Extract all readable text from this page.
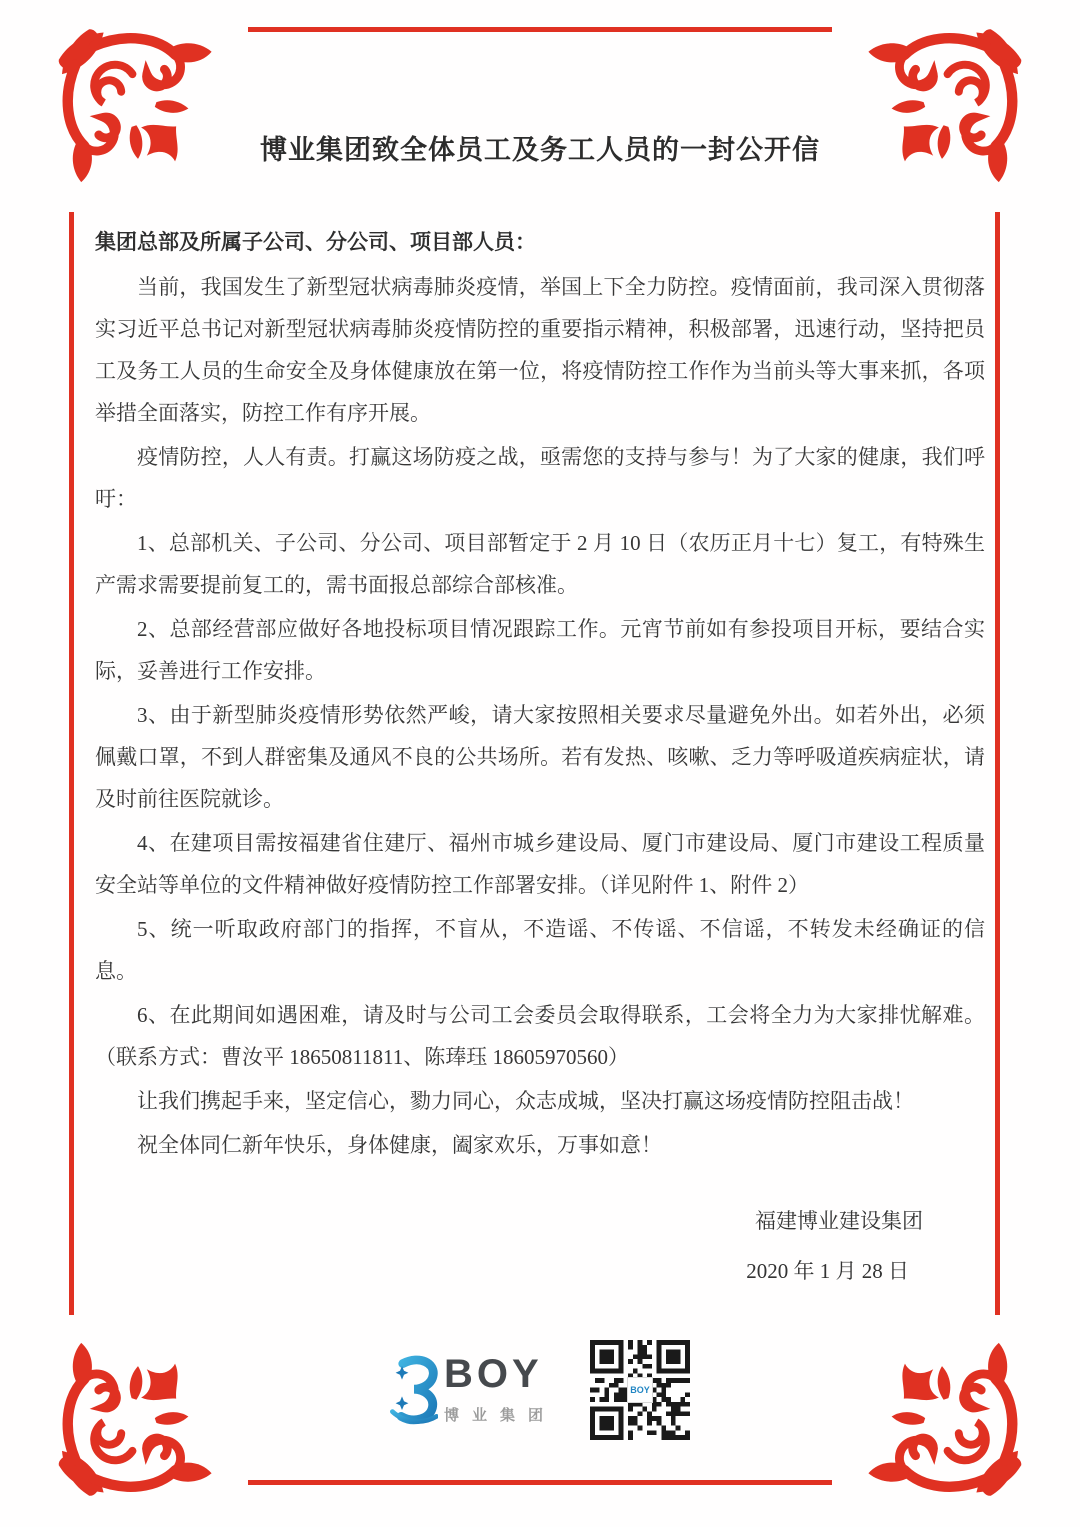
博业集团致全体员工及务工人员的一封公开信
集团总部及所属子公司、分公司、项目部人员：

当前，我国发生了新型冠状病毒肺炎疫情，举国上下全力防控。疫情面前，我司深入贯彻落实习近平总书记对新型冠状病毒肺炎疫情防控的重要指示精神，积极部署，迅速行动，坚持把员工及务工人员的生命安全及身体健康放在第一位，将疫情防控工作作为当前头等大事来抓，各项举措全面落实，防控工作有序开展。

疫情防控，人人有责。打赢这场防疫之战，亟需您的支持与参与！为了大家的健康，我们呼吁：

1、总部机关、子公司、分公司、项目部暂定于 2 月 10 日（农历正月十七）复工，有特殊生产需求需要提前复工的，需书面报总部综合部核准。

2、总部经营部应做好各地投标项目情况跟踪工作。元宵节前如有参投项目开标，要结合实际，妥善进行工作安排。

3、由于新型肺炎疫情形势依然严峻，请大家按照相关要求尽量避免外出。如若外出，必须佩戴口罩，不到人群密集及通风不良的公共场所。若有发热、咳嗽、乏力等呼吸道疾病症状，请及时前往医院就诊。

4、在建项目需按福建省住建厅、福州市城乡建设局、厦门市建设局、厦门市建设工程质量安全站等单位的文件精神做好疫情防控工作部署安排。（详见附件 1、附件 2）

5、统一听取政府部门的指挥，不盲从，不造谣、不传谣、不信谣，不转发未经确证的信息。

6、在此期间如遇困难，请及时与公司工会委员会取得联系，工会将全力为大家排忧解难。（联系方式：曹汝平 18650811811、陈琫珏 18605970560）

让我们携起手来，坚定信心，勠力同心，众志成城，坚决打赢这场疫情防控阻击战！

祝全体同仁新年快乐，身体健康，阖家欢乐，万事如意！

福建博业建设集团
2020 年 1 月 28 日
BOY
博业集团
BOY
